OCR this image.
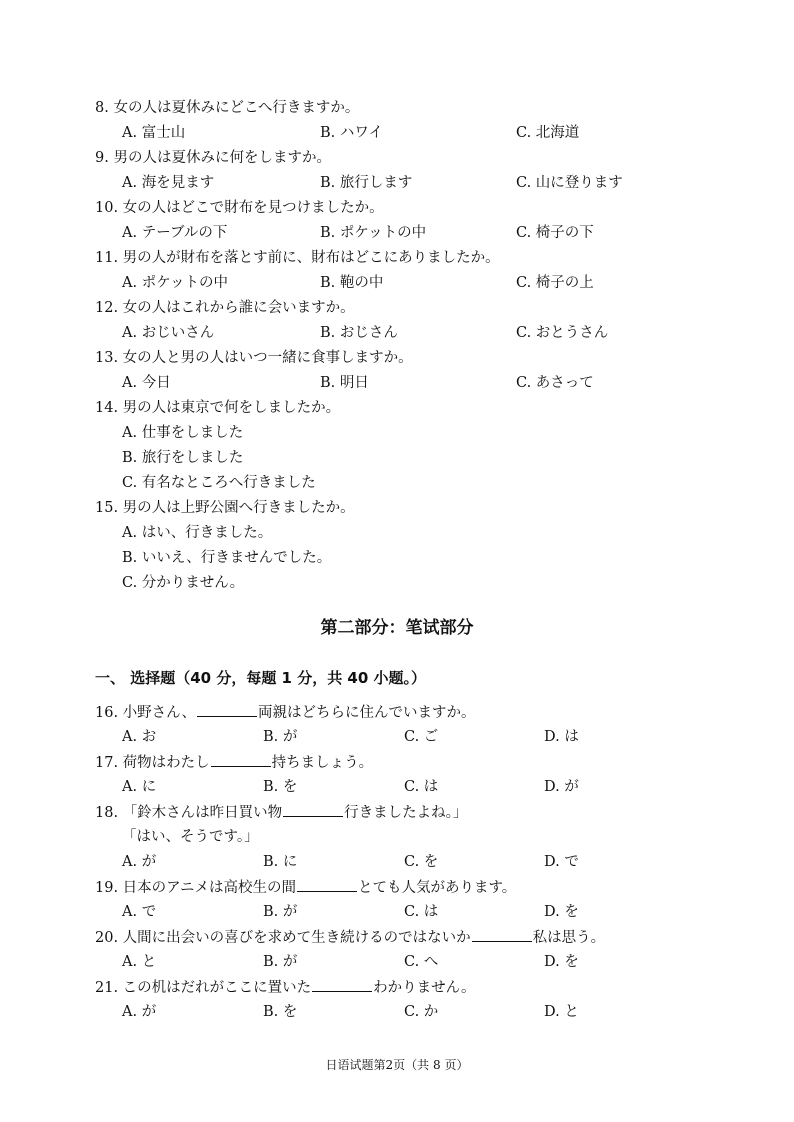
8. 女の人は夏休みにどこへ行きますか。
A. 富士山	B. ハワイ	C. 北海道
9. 男の人は夏休みに何をしますか。
A. 海を見ます	B. 旅行します	C. 山に登ります
10. 女の人はどこで財布を見つけましたか。
A. テーブルの下	B. ポケットの中	C. 椅子の下
11. 男の人が財布を落とす前に、財布はどこにありましたか。
A. ポケットの中	B. 鞄の中	C. 椅子の上
12. 女の人はこれから誰に会いますか。
A. おじいさん	B. おじさん	C. おとうさん
13. 女の人と男の人はいつ一緒に食事しますか。
A. 今日	B. 明日	C. あさって
14. 男の人は東京で何をしましたか。
A. 仕事をしました
B. 旅行をしました
C. 有名なところへ行きました
15. 男の人は上野公園へ行きましたか。
A. はい、行きました。
B. いいえ、行きませんでした。
C. 分かりません。
第二部分：笔试部分
一、 选择题（40 分，每题 1 分，共 40 小题。）
16. 小野さん、	両親はどちらに住んでいますか。
A. お	B. が	C. ご	D. は
17. 荷物はわたし	持ちましょう。
A. に	B. を	C. は	D. が
18. 「鈴木さんは昨日買い物	行きましたよね。」
「はい、そうです。」
A. が	B. に	C. を	D. で
19. 日本のアニメは高校生の間	とても人気があります。
A. で	B. が	C. は	D. を
20. 人間に出会いの喜びを求めて生き続けるのではないか	私は思う。
A. と	B. が	C. へ	D. を
21. この机はだれがここに置いた	わかりません。
A. が	B. を	C. か	D. と
日语试题第2页（共 8 页）
